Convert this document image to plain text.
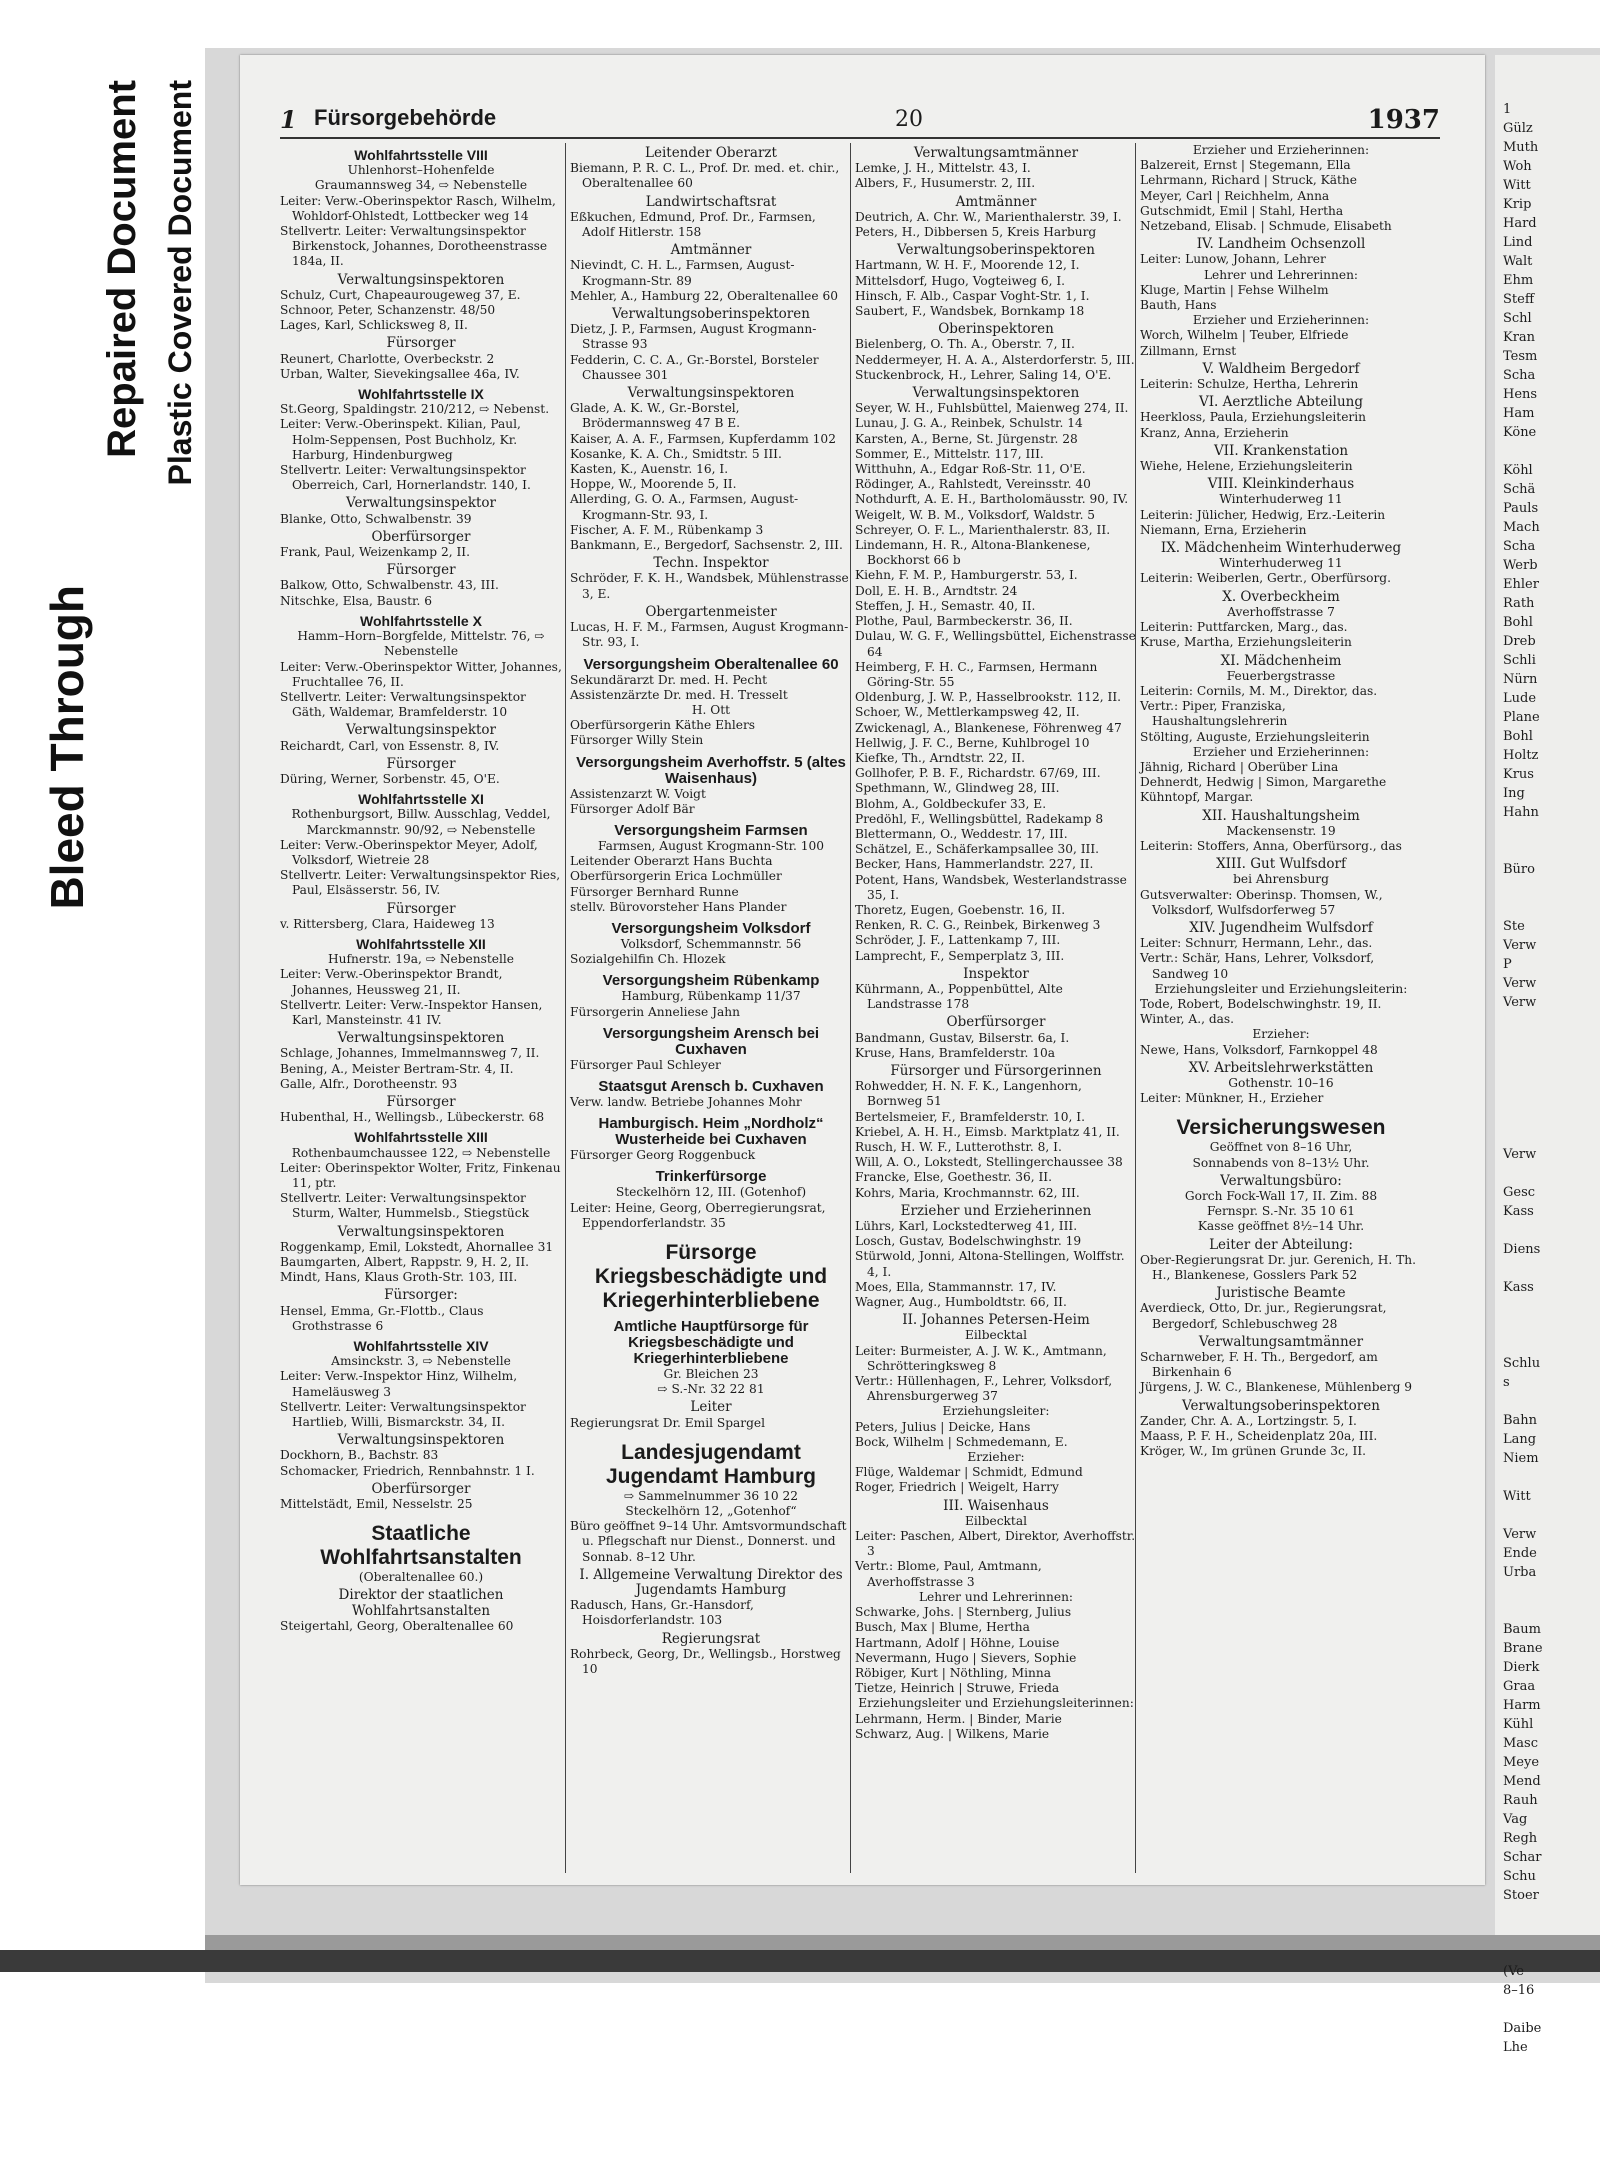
Bleed Through
Repaired Document Plastic Covered Document	1 Fürsorgebehörde	20	1937
Wohlfahrtsstelle VIII
Uhlenhorst–Hohenfelde
Graumannsweg 34, ⇨ Nebenstelle
Leiter: Verw.-Oberinspektor Rasch, Wilhelm, Wohldorf-Ohlstedt, Lottbecker weg 14
Stellvertr. Leiter: Verwaltungsinspektor Birkenstock, Johannes, Dorotheenstrasse 184a, II.
Verwaltungsinspektoren
Schulz, Curt, Chapeaurougeweg 37, E.
Schnoor, Peter, Schanzenstr. 48/50
Lages, Karl, Schlicksweg 8, II.
Fürsorger
Reunert, Charlotte, Overbeckstr. 2
Urban, Walter, Sievekingsallee 46a, IV.
Wohlfahrtsstelle IX
St.Georg, Spaldingstr. 210/212, ⇨ Nebenst.
Leiter: Verw.-Oberinspekt. Kilian, Paul, Holm-Seppensen, Post Buchholz, Kr. Harburg, Hindenburgweg
Stellvertr. Leiter: Verwaltungsinspektor Oberreich, Carl, Hornerlandstr. 140, I.
Verwaltungsinspektor
Blanke, Otto, Schwalbenstr. 39
Oberfürsorger
Frank, Paul, Weizenkamp 2, II.
Fürsorger
Balkow, Otto, Schwalbenstr. 43, III.
Nitschke, Elsa, Baustr. 6
Wohlfahrtsstelle X
Hamm–Horn–Borgfelde, Mittelstr. 76, ⇨ Nebenstelle
Leiter: Verw.-Oberinspektor Witter, Johannes, Fruchtallee 76, II.
Stellvertr. Leiter: Verwaltungsinspektor Gäth, Waldemar, Bramfelderstr. 10
Verwaltungsinspektor
Reichardt, Carl, von Essenstr. 8, IV.
Fürsorger
Düring, Werner, Sorbenstr. 45, O'E.
Wohlfahrtsstelle XI
Rothenburgsort, Billw. Ausschlag, Veddel, Marckmannstr. 90/92, ⇨ Nebenstelle
Leiter: Verw.-Oberinspektor Meyer, Adolf, Volksdorf, Wietreie 28
Stellvertr. Leiter: Verwaltungsinspektor Ries, Paul, Elsässerstr. 56, IV.
Fürsorger
v. Rittersberg, Clara, Haideweg 13
Wohlfahrtsstelle XII
Hufnerstr. 19a, ⇨ Nebenstelle
Leiter: Verw.-Oberinspektor Brandt, Johannes, Heussweg 21, II.
Stellvertr. Leiter: Verw.-Inspektor Hansen, Karl, Mansteinstr. 41 IV.
Verwaltungsinspektoren
Schlage, Johannes, Immelmannsweg 7, II.
Bening, A., Meister Bertram-Str. 4, II.
Galle, Alfr., Dorotheenstr. 93
Fürsorger
Hubenthal, H., Wellingsb., Lübeckerstr. 68
Wohlfahrtsstelle XIII
Rothenbaumchaussee 122, ⇨ Nebenstelle
Leiter: Oberinspektor Wolter, Fritz, Finkenau 11, ptr.
Stellvertr. Leiter: Verwaltungsinspektor Sturm, Walter, Hummelsb., Stiegstück
Verwaltungsinspektoren
Roggenkamp, Emil, Lokstedt, Ahornallee 31
Baumgarten, Albert, Rappstr. 9, H. 2, II.
Mindt, Hans, Klaus Groth-Str. 103, III.
Fürsorger:
Hensel, Emma, Gr.-Flottb., Claus Grothstrasse 6
Wohlfahrtsstelle XIV
Amsinckstr. 3, ⇨ Nebenstelle
Leiter: Verw.-Inspektor Hinz, Wilhelm, Hameläusweg 3
Stellvertr. Leiter: Verwaltungsinspektor Hartlieb, Willi, Bismarckstr. 34, II.
Verwaltungsinspektoren
Dockhorn, B., Bachstr. 83
Schomacker, Friedrich, Rennbahnstr. 1 I.
Oberfürsorger
Mittelstädt, Emil, Nesselstr. 25
Staatliche Wohlfahrtsanstalten
(Oberaltenallee 60.)
Direktor der staatlichen Wohlfahrtsanstalten
Steigertahl, Georg, Oberaltenallee 60
Leitender Oberarzt
Biemann, P. R. C. L., Prof. Dr. med. et. chir., Oberaltenallee 60
Landwirtschaftsrat
Eßkuchen, Edmund, Prof. Dr., Farmsen, Adolf Hitlerstr. 158
Amtmänner
Nievindt, C. H. L., Farmsen, August-Krogmann-Str. 89
Mehler, A., Hamburg 22, Oberaltenallee 60
Verwaltungsoberinspektoren
Dietz, J. P., Farmsen, August Krogmann-Strasse 93
Fedderin, C. C. A., Gr.-Borstel, Borsteler Chaussee 301
Verwaltungsinspektoren
Glade, A. K. W., Gr.-Borstel, Brödermannsweg 47 B E.
Kaiser, A. A. F., Farmsen, Kupferdamm 102
Kosanke, K. A. Ch., Smidtstr. 5 III.
Kasten, K., Auenstr. 16, I.
Hoppe, W., Moorende 5, II.
Allerding, G. O. A., Farmsen, August-Krogmann-Str. 93, I.
Fischer, A. F. M., Rübenkamp 3
Bankmann, E., Bergedorf, Sachsenstr. 2, III.
Techn. Inspektor
Schröder, F. K. H., Wandsbek, Mühlenstrasse 3, E.
Obergartenmeister
Lucas, H. F. M., Farmsen, August Krogmann-Str. 93, I.
Versorgungsheim Oberaltenallee 60
Sekundärarzt Dr. med. H. Pecht
Assistenzärzte Dr. med. H. Tresselt
H. Ott
Oberfürsorgerin Käthe Ehlers
Fürsorger Willy Stein
Versorgungsheim Averhoffstr. 5 (altes Waisenhaus)
Assistenzarzt W. Voigt
Fürsorger Adolf Bär
Versorgungsheim Farmsen
Farmsen, August Krogmann-Str. 100
Leitender Oberarzt Hans Buchta
Oberfürsorgerin Erica Lochmüller
Fürsorger Bernhard Runne
stellv. Bürovorsteher Hans Plander
Versorgungsheim Volksdorf
Volksdorf, Schemmannstr. 56
Sozialgehilfin Ch. Hlozek
Versorgungsheim Rübenkamp
Hamburg, Rübenkamp 11/37
Fürsorgerin Anneliese Jahn
Versorgungsheim Arensch bei Cuxhaven
Fürsorger Paul Schleyer
Staatsgut Arensch b. Cuxhaven
Verw. landw. Betriebe Johannes Mohr
Hamburgisch. Heim „Nordholz“ Wusterheide bei Cuxhaven
Fürsorger Georg Roggenbuck
Trinkerfürsorge
Steckelhörn 12, III. (Gotenhof)
Leiter: Heine, Georg, Oberregierungsrat, Eppendorferlandstr. 35
Fürsorge Kriegsbeschädigte und Kriegerhinterbliebene
Amtliche Hauptfürsorge für Kriegsbeschädigte und Kriegerhinterbliebene
Gr. Bleichen 23
⇨ S.-Nr. 32 22 81
Leiter
Regierungsrat Dr. Emil Spargel
Landesjugendamt Jugendamt Hamburg
⇨ Sammelnummer 36 10 22
Steckelhörn 12, „Gotenhof“
Büro geöffnet 9–14 Uhr. Amtsvormundschaft u. Pflegschaft nur Dienst., Donnerst. und Sonnab. 8–12 Uhr.
I. Allgemeine Verwaltung Direktor des Jugendamts Hamburg
Radusch, Hans, Gr.-Hansdorf, Hoisdorferlandstr. 103
Regierungsrat
Rohrbeck, Georg, Dr., Wellingsb., Horstweg 10
Verwaltungsamtmänner
Lemke, J. H., Mittelstr. 43, I.
Albers, F., Husumerstr. 2, III.
Amtmänner
Deutrich, A. Chr. W., Marienthalerstr. 39, I.
Peters, H., Dibbersen 5, Kreis Harburg
Verwaltungsoberinspektoren
Hartmann, W. H. F., Moorende 12, I.
Mittelsdorf, Hugo, Vogteiweg 6, I.
Hinsch, F. Alb., Caspar Voght-Str. 1, I.
Saubert, F., Wandsbek, Bornkamp 18
Oberinspektoren
Bielenberg, O. Th. A., Oberstr. 7, II.
Neddermeyer, H. A. A., Alsterdorferstr. 5, III.
Stuckenbrock, H., Lehrer, Saling 14, O'E.
Verwaltungsinspektoren
Seyer, W. H., Fuhlsbüttel, Maienweg 274, II.
Lunau, J. G. A., Reinbek, Schulstr. 14
Karsten, A., Berne, St. Jürgenstr. 28
Sommer, E., Mittelstr. 117, III.
Witthuhn, A., Edgar Roß-Str. 11, O'E.
Rödinger, A., Rahlstedt, Vereinsstr. 40
Nothdurft, A. E. H., Bartholomäusstr. 90, IV.
Weigelt, W. B. M., Volksdorf, Waldstr. 5
Schreyer, O. F. L., Marienthalerstr. 83, II.
Lindemann, H. R., Altona-Blankenese, Bockhorst 66 b
Kiehn, F. M. P., Hamburgerstr. 53, I.
Doll, E. H. B., Arndtstr. 24
Steffen, J. H., Semastr. 40, II.
Plothe, Paul, Barmbeckerstr. 36, II.
Dulau, W. G. F., Wellingsbüttel, Eichenstrasse 64
Heimberg, F. H. C., Farmsen, Hermann Göring-Str. 55
Oldenburg, J. W. P., Hasselbrookstr. 112, II.
Schoer, W., Mettlerkampsweg 42, II.
Zwickenagl, A., Blankenese, Föhrenweg 47
Hellwig, J. F. C., Berne, Kuhlbrogel 10
Kiefke, Th., Arndtstr. 22, II.
Gollhofer, P. B. F., Richardstr. 67/69, III.
Spethmann, W., Glindweg 28, III.
Blohm, A., Goldbeckufer 33, E.
Predöhl, F., Wellingsbüttel, Radekamp 8
Blettermann, O., Weddestr. 17, III.
Schätzel, E., Schäferkampsallee 30, III.
Becker, Hans, Hammerlandstr. 227, II.
Potent, Hans, Wandsbek, Westerlandstrasse 35, I.
Thoretz, Eugen, Goebenstr. 16, II.
Renken, R. C. G., Reinbek, Birkenweg 3
Schröder, J. F., Lattenkamp 7, III.
Lamprecht, F., Semperplatz 3, III.
Inspektor
Kührmann, A., Poppenbüttel, Alte Landstrasse 178
Oberfürsorger
Bandmann, Gustav, Bilserstr. 6a, I.
Kruse, Hans, Bramfelderstr. 10a
Fürsorger und Fürsorgerinnen
Rohwedder, H. N. F. K., Langenhorn, Bornweg 51
Bertelsmeier, F., Bramfelderstr. 10, I.
Kriebel, A. H. H., Eimsb. Marktplatz 41, II.
Rusch, H. W. F., Lutterothstr. 8, I.
Will, A. O., Lokstedt, Stellingerchaussee 38
Francke, Else, Goethestr. 36, II.
Kohrs, Maria, Krochmannstr. 62, III.
Erzieher und Erzieherinnen
Lührs, Karl, Lockstedterweg 41, III.
Losch, Gustav, Bodelschwinghstr. 19
Stürwold, Jonni, Altona-Stellingen, Wolffstr. 4, I.
Moes, Ella, Stammannstr. 17, IV.
Wagner, Aug., Humboldtstr. 66, II.
II. Johannes Petersen-Heim
Eilbecktal
Leiter: Burmeister, A. J. W. K., Amtmann, Schrötteringksweg 8
Vertr.: Hüllenhagen, F., Lehrer, Volksdorf, Ahrensburgerweg 37
Erziehungsleiter:
Peters, Julius | Deicke, Hans
Bock, Wilhelm | Schmedemann, E.
Erzieher:
Flüge, Waldemar | Schmidt, Edmund
Roger, Friedrich | Weigelt, Harry
III. Waisenhaus
Eilbecktal
Leiter: Paschen, Albert, Direktor, Averhoffstr. 3
Vertr.: Blome, Paul, Amtmann, Averhoffstrasse 3
Lehrer und Lehrerinnen:
Schwarke, Johs. | Sternberg, Julius
Busch, Max | Blume, Hertha
Hartmann, Adolf | Höhne, Louise
Nevermann, Hugo | Sievers, Sophie
Röbiger, Kurt | Nöthling, Minna
Tietze, Heinrich | Struwe, Frieda
Erziehungsleiter und Erziehungsleiterinnen:
Lehrmann, Herm. | Binder, Marie
Schwarz, Aug. | Wilkens, Marie
Erzieher und Erzieherinnen:
Balzereit, Ernst | Stegemann, Ella
Lehrmann, Richard | Struck, Käthe
Meyer, Carl | Reichhelm, Anna
Gutschmidt, Emil | Stahl, Hertha
Netzeband, Elisab. | Schmude, Elisabeth
IV. Landheim Ochsenzoll
Leiter: Lunow, Johann, Lehrer
Lehrer und Lehrerinnen:
Kluge, Martin | Fehse Wilhelm
Bauth, Hans
Erzieher und Erzieherinnen:
Worch, Wilhelm | Teuber, Elfriede
Zillmann, Ernst
V. Waldheim Bergedorf
Leiterin: Schulze, Hertha, Lehrerin
VI. Aerztliche Abteilung
Heerkloss, Paula, Erziehungsleiterin
Kranz, Anna, Erzieherin
VII. Krankenstation
Wiehe, Helene, Erziehungsleiterin
VIII. Kleinkinderhaus
Winterhuderweg 11
Leiterin: Jülicher, Hedwig, Erz.-Leiterin
Niemann, Erna, Erzieherin
IX. Mädchenheim Winterhuderweg
Winterhuderweg 11
Leiterin: Weiberlen, Gertr., Oberfürsorg.
X. Overbeckheim
Averhoffstrasse 7
Leiterin: Puttfarcken, Marg., das.
Kruse, Martha, Erziehungsleiterin
XI. Mädchenheim
Feuerbergstrasse
Leiterin: Cornils, M. M., Direktor, das.
Vertr.: Piper, Franziska, Haushaltungslehrerin
Stölting, Auguste, Erziehungsleiterin
Erzieher und Erzieherinnen:
Jähnig, Richard | Oberüber Lina
Dehnerdt, Hedwig | Simon, Margarethe
Kühntopf, Margar.
XII. Haushaltungsheim
Mackensenstr. 19
Leiterin: Stoffers, Anna, Oberfürsorg., das
XIII. Gut Wulfsdorf
bei Ahrensburg
Gutsverwalter: Oberinsp. Thomsen, W., Volksdorf, Wulfsdorferweg 57
XIV. Jugendheim Wulfsdorf
Leiter: Schnurr, Hermann, Lehr., das.
Vertr.: Schär, Hans, Lehrer, Volksdorf, Sandweg 10
Erziehungsleiter und Erziehungsleiterin:
Tode, Robert, Bodelschwinghstr. 19, II.
Winter, A., das.
Erzieher:
Newe, Hans, Volksdorf, Farnkoppel 48
XV. Arbeitslehrwerkstätten
Gothenstr. 10–16
Leiter: Münkner, H., Erzieher
Versicherungswesen
Geöffnet von 8–16 Uhr,
Sonnabends von 8–13½ Uhr.
Verwaltungsbüro:
Gorch Fock-Wall 17, II. Zim. 88
Fernspr. S.-Nr. 35 10 61
Kasse geöffnet 8½–14 Uhr.
Leiter der Abteilung:
Ober-Regierungsrat Dr. jur. Gerenich, H. Th. H., Blankenese, Gosslers Park 52
Juristische Beamte
Averdieck, Otto, Dr. jur., Regierungsrat, Bergedorf, Schlebuschweg 28
Verwaltungsamtmänner
Scharnweber, F. H. Th., Bergedorf, am Birkenhain 6
Jürgens, J. W. C., Blankenese, Mühlenberg 9
Verwaltungsoberinspektoren
Zander, Chr. A. A., Lortzingstr. 5, I.
Maass, P. F. H., Scheidenplatz 20a, III.
Kröger, W., Im grünen Grunde 3c, II.
1
Gülz
Muth
Woh
Witt
Krip
Hard
Lind
Walt
Ehm
Steff
Schl
Kran
Tesm
Scha
Hens
Ham
Köne

Köhl
Schä
Pauls
Mach
Scha
Werb
Ehler
Rath
Bohl
Dreb
Schli
Nürn
Lude
Plane
Bohl
Holtz
Krus
Ing
Hahn

Büro

Ste
Verw
P
Verw
Verw

Verw

Gesc
Kass

Diens

Kass

Schlu
s

Bahn
Lang
Niem

Witt

Verw
Ende
Urba

Baum
Brane
Dierk
Graa
Harm
Kühl
Masc
Meye
Mend
Rauh
Vag
Regh
Schar
Schu
Stoer

(Ve
8–16

Daibe
Lhe
